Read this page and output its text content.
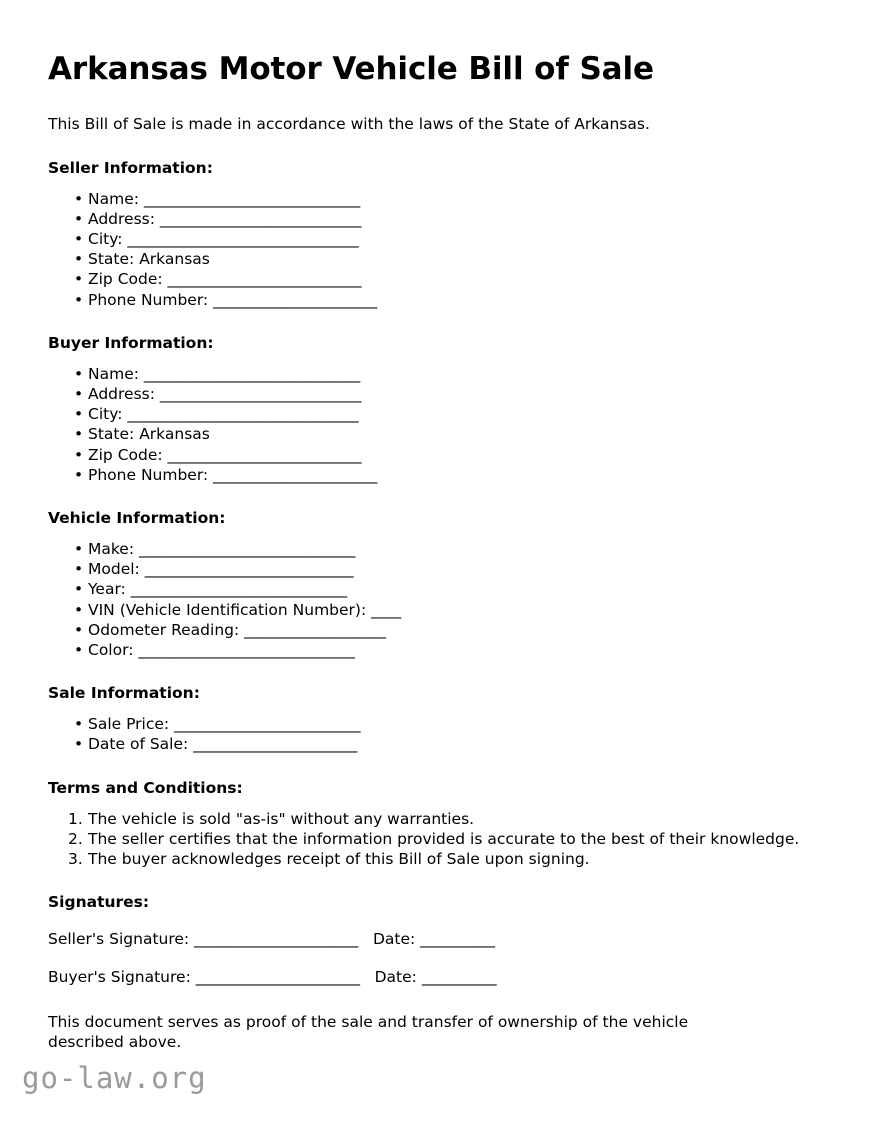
Arkansas Motor Vehicle Bill of Sale

This Bill of Sale is made in accordance with the laws of the State of Arkansas.

Seller Information:
• Name: _____________________________
• Address: ___________________________
• City: _______________________________
• State: Arkansas
• Zip Code: __________________________
• Phone Number: ______________________
Buyer Information:
• Name: _____________________________
• Address: ___________________________
• City: _______________________________
• State: Arkansas
• Zip Code: __________________________
• Phone Number: ______________________
Vehicle Information:
• Make: _____________________________
• Model: ____________________________
• Year: _____________________________
• VIN (Vehicle Identification Number): ____
• Odometer Reading: ___________________
• Color: _____________________________
Sale Information:
• Sale Price: _________________________
• Date of Sale: ______________________
Terms and Conditions:
The vehicle is sold "as-is" without any warranties.
The seller certifies that the information provided is accurate to the best of their knowledge.
The buyer acknowledges receipt of this Bill of Sale upon signing.
Signatures:
Seller's Signature: ______________________ Date: __________
Buyer's Signature: ______________________ Date: __________

This document serves as proof of the sale and transfer of ownership of the vehicle described above.

go-law.org
